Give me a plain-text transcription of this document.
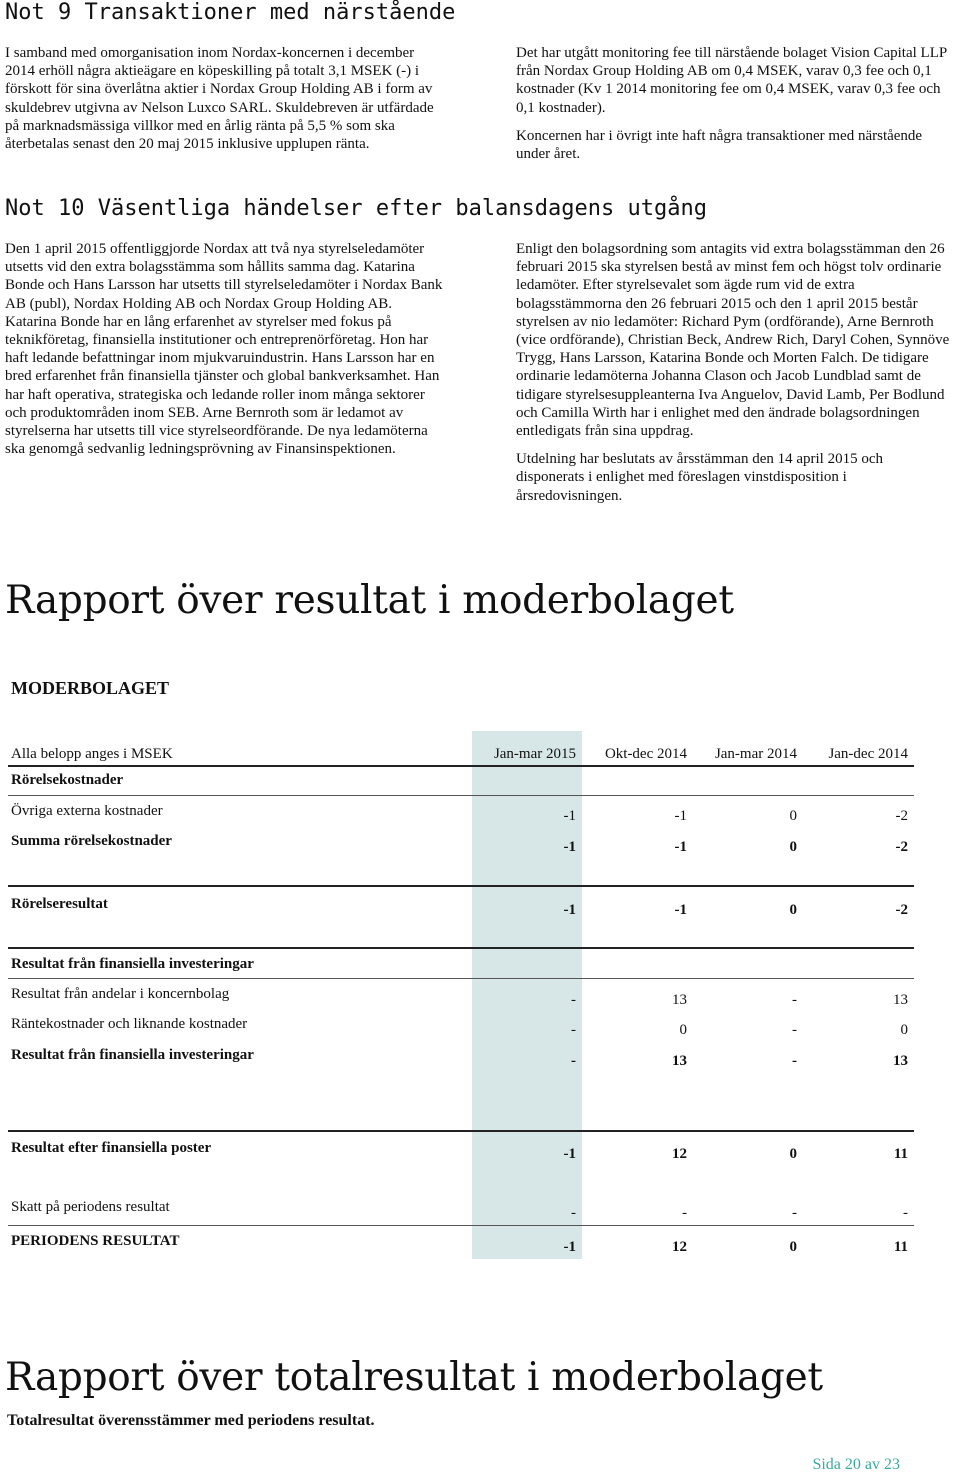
Not 9 Transaktioner med närstående

I samband med omorganisation inom Nordax-koncernen i december 2014 erhöll några aktieägare en köpeskilling på totalt 3,1 MSEK (-) i förskott för sina överlåtna aktier i Nordax Group Holding AB i form av skuldebrev utgivna av Nelson Luxco SARL. Skuldebreven är utfärdade på marknadsmässiga villkor med en årlig ränta på 5,5 % som ska återbetalas senast den 20 maj 2015 inklusive upplupen ränta.

Det har utgått monitoring fee till närstående bolaget Vision Capital LLP från Nordax Group Holding AB om 0,4 MSEK, varav 0,3 fee och 0,1 kostnader (Kv 1 2014 monitoring fee om 0,4 MSEK, varav 0,3 fee och 0,1 kostnader).

Koncernen har i övrigt inte haft några transaktioner med närstående under året.

Not 10 Väsentliga händelser efter balansdagens utgång

Den 1 april 2015 offentliggjorde Nordax att två nya styrelseledamöter utsetts vid den extra bolagsstämma som hållits samma dag. Katarina Bonde och Hans Larsson har utsetts till styrelseledamöter i Nordax Bank AB (publ), Nordax Holding AB och Nordax Group Holding AB. Katarina Bonde har en lång erfarenhet av styrelser med fokus på teknikföretag, finansiella institutioner och entreprenörföretag. Hon har haft ledande befattningar inom mjukvaruindustrin. Hans Larsson har en bred erfarenhet från finansiella tjänster och global bankverksamhet. Han har haft operativa, strategiska och ledande roller inom många sektorer och produktområden inom SEB. Arne Bernroth som är ledamot av styrelserna har utsetts till vice styrelseordförande. De nya ledamöterna ska genomgå sedvanlig ledningsprövning av Finansinspektionen.

Enligt den bolagsordning som antagits vid extra bolagsstämman den 26 februari 2015 ska styrelsen bestå av minst fem och högst tolv ordinarie ledamöter. Efter styrelsevalet som ägde rum vid de extra bolagsstämmorna den 26 februari 2015 och den 1 april 2015 består styrelsen av nio ledamöter: Richard Pym (ordförande), Arne Bernroth (vice ordförande), Christian Beck, Andrew Rich, Daryl Cohen, Synnöve Trygg, Hans Larsson, Katarina Bonde och Morten Falch. De tidigare ordinarie ledamöterna Johanna Clason och Jacob Lundblad samt de tidigare styrelsesuppleanterna Iva Anguelov, David Lamb, Per Bodlund och Camilla Wirth har i enlighet med den ändrade bolagsordningen entledigats från sina uppdrag.

Utdelning har beslutats av årsstämman den 14 april 2015 och disponerats i enlighet med föreslagen vinstdisposition i årsredovisningen.

Rapport över resultat i moderbolaget
MODERBOLAGET
Alla belopp anges i MSEK	Jan-mar 2015 Okt-dec 2014 Jan-mar 2014 Jan-dec 2014
Rörelsekostnader
Övriga externa kostnader	-1	-1	0	-2
Summa rörelsekostnader	-1	-1	0	-2
Rörelseresultat	-1	-1	0	-2
Resultat från finansiella investeringar
Resultat från andelar i koncernbolag	-	13	-	13
Räntekostnader och liknande kostnader	-	0	-	0
Resultat från finansiella investeringar	-	13	-	13
Resultat efter finansiella poster	-1	12	0	11
Skatt på periodens resultat	-	-	-	-
PERIODENS RESULTAT	-1	12	0	11
Rapport över totalresultat i moderbolaget
Totalresultat överensstämmer med periodens resultat.
Sida 20 av 23
